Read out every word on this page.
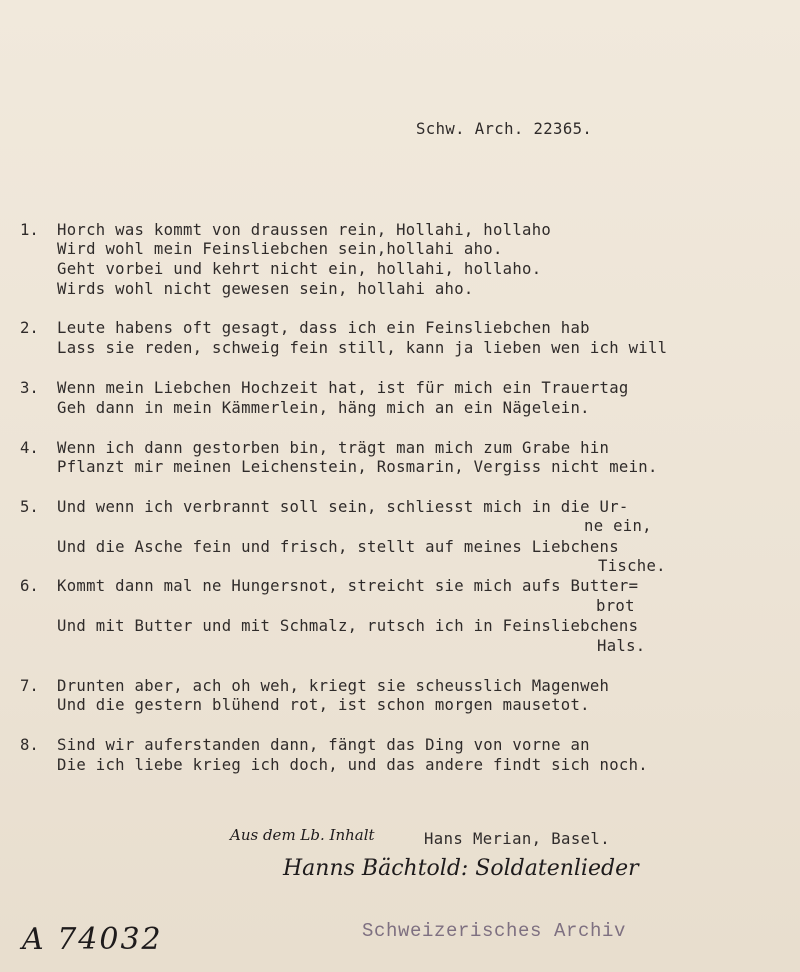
Schw. Arch. 22365.
1. Horch was kommt von draussen rein, Hollahi, hollaho
Wird wohl mein Feinsliebchen sein,hollahi aho.
Geht vorbei und kehrt nicht ein, hollahi, hollaho.
Wirds wohl nicht gewesen sein, hollahi aho.
2. Leute habens oft gesagt, dass ich ein Feinsliebchen hab
Lass sie reden, schweig fein still, kann ja lieben wen ich will
3. Wenn mein Liebchen Hochzeit hat, ist für mich ein Trauertag
Geh dann in mein Kämmerlein, häng mich an ein Nägelein.
4. Wenn ich dann gestorben bin, trägt man mich zum Grabe hin
Pflanzt mir meinen Leichenstein, Rosmarin, Vergiss nicht mein.
5. Und wenn ich verbrannt soll sein, schliesst mich in die Ur-
ne ein,
Und die Asche fein und frisch, stellt auf meines Liebchens
Tische.
6. Kommt dann mal ne Hungersnot, streicht sie mich aufs Butter=
brot
Und mit Butter und mit Schmalz, rutsch ich in Feinsliebchens
Hals.
7. Drunten aber, ach oh weh, kriegt sie scheusslich Magenweh
Und die gestern blühend rot, ist schon morgen mausetot.
8. Sind wir auferstanden dann, fängt das Ding von vorne an
Die ich liebe krieg ich doch, und das andere findt sich noch.
Aus dem Lb. Inhalt	Hans Merian, Basel.
Hanns Bächtold: Soldatenlieder
A 74032	Schweizerisches Archiv
